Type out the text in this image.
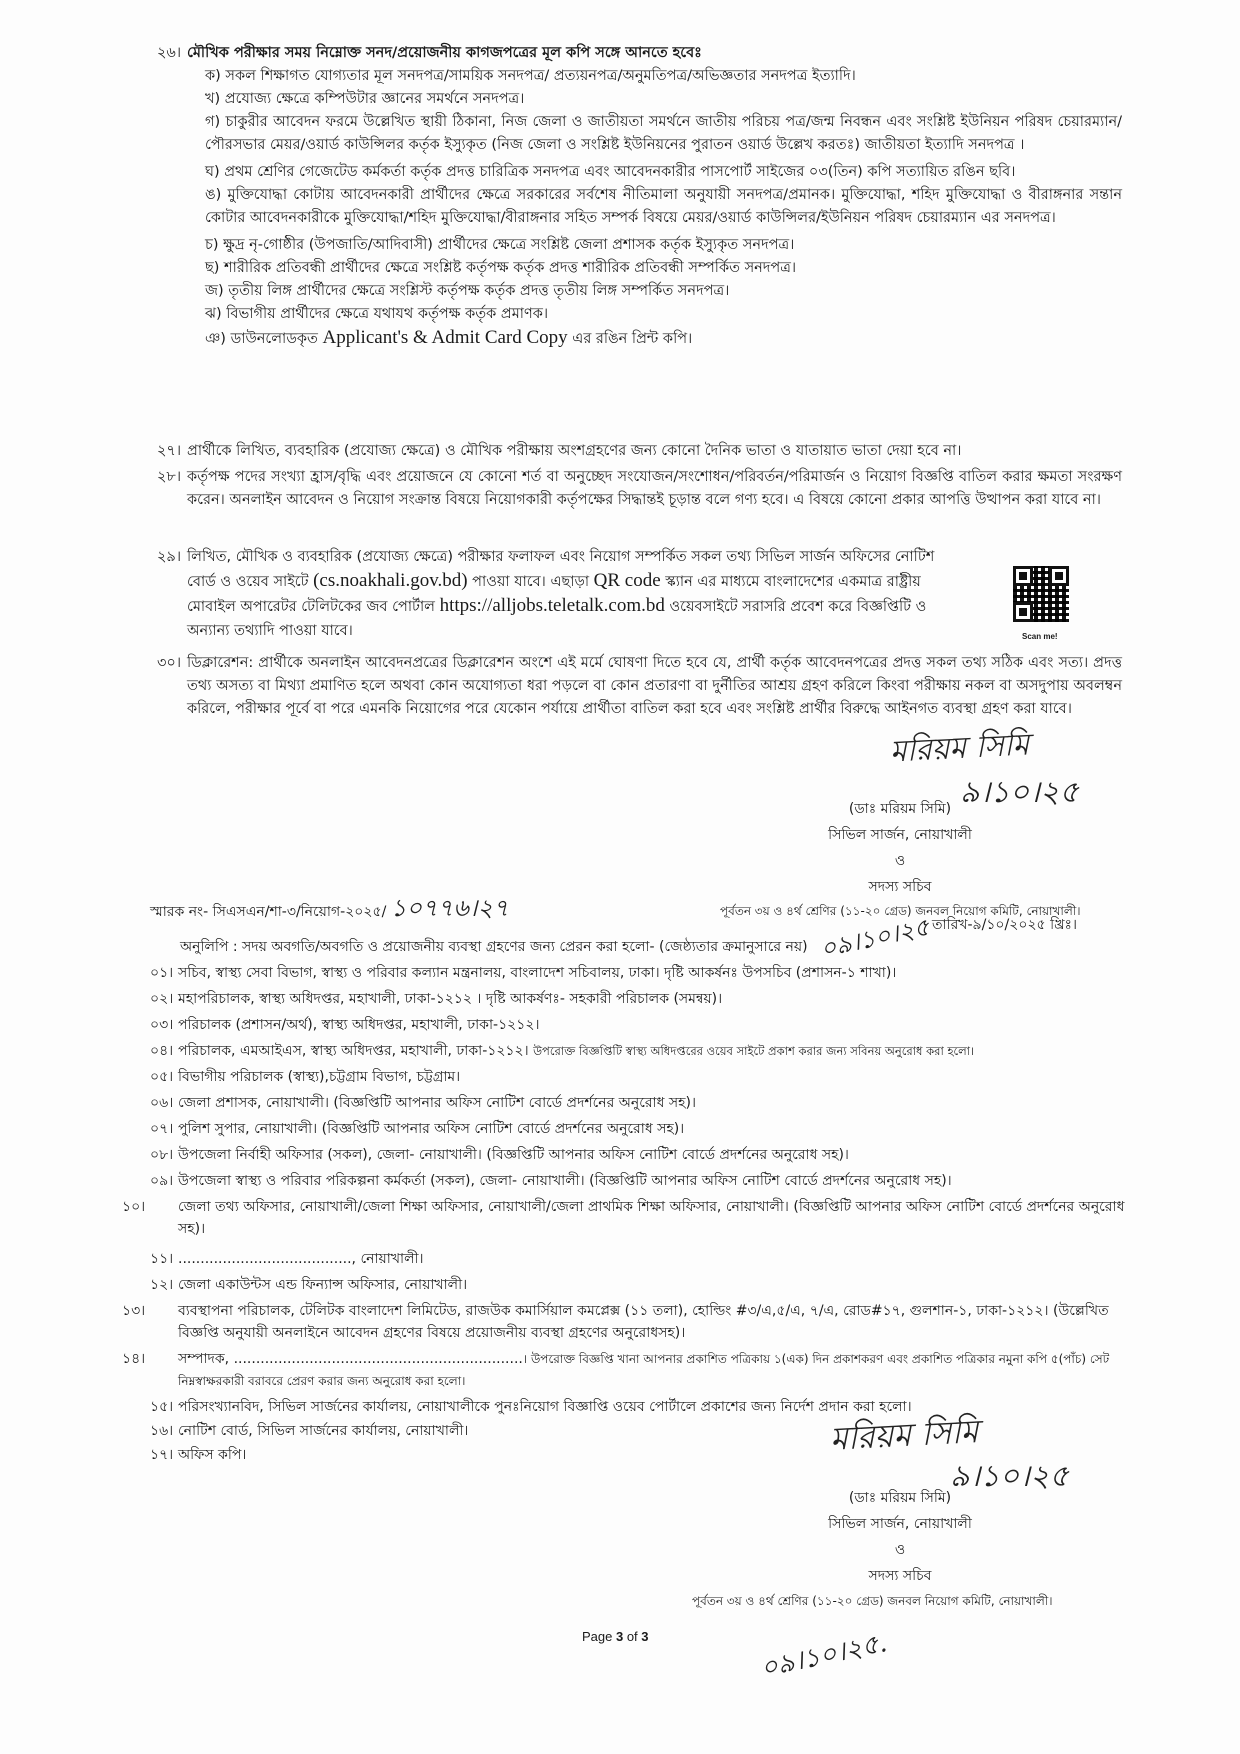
২৬। মৌখিক পরীক্ষার সময় নিম্নোক্ত সনদ/প্রয়োজনীয় কাগজপত্রের মূল কপি সঙ্গে আনতে হবেঃ

ক) সকল শিক্ষাগত যোগ্যতার মূল সনদপত্র/সাময়িক সনদপত্র/ প্রত্যয়নপত্র/অনুমতিপত্র/অভিজ্ঞতার সনদপত্র ইত্যাদি।

খ) প্রযোজ্য ক্ষেত্রে কম্পিউটার জ্ঞানের সমর্থনে সনদপত্র।

গ) চাকুরীর আবেদন ফরমে উল্লেখিত স্থায়ী ঠিকানা, নিজ জেলা ও জাতীয়তা সমর্থনে জাতীয় পরিচয় পত্র/জন্ম নিবন্ধন এবং সংশ্লিষ্ট ইউনিয়ন পরিষদ চেয়ারম্যান/পৌরসভার মেয়র/ওয়ার্ড কাউন্সিলর কর্তৃক ইস্যুকৃত (নিজ জেলা ও সংশ্লিষ্ট ইউনিয়নের পুরাতন ওয়ার্ড উল্লেখ করতঃ) জাতীয়তা ইত্যাদি সনদপত্র ।

ঘ) প্রথম শ্রেণির গেজেটেড কর্মকর্তা কর্তৃক প্রদত্ত চারিত্রিক সনদপত্র এবং আবেদনকারীর পাসপোর্ট সাইজের ০৩(তিন) কপি সত্যায়িত রঙিন ছবি।

ঙ) মুক্তিযোদ্ধা কোটায় আবেদনকারী প্রার্থীদের ক্ষেত্রে সরকারের সর্বশেষ নীতিমালা অনুযায়ী সনদপত্র/প্রমানক। মুক্তিযোদ্ধা, শহিদ মুক্তিযোদ্ধা ও বীরাঙ্গনার সন্তান কোটার আবেদনকারীকে মুক্তিযোদ্ধা/শহিদ মুক্তিযোদ্ধা/বীরাঙ্গনার সহিত সম্পর্ক বিষয়ে মেয়র/ওয়ার্ড কাউন্সিলর/ইউনিয়ন পরিষদ চেয়ারম্যান এর সনদপত্র।

চ) ক্ষুদ্র নৃ-গোষ্ঠীর (উপজাতি/আদিবাসী) প্রার্থীদের ক্ষেত্রে সংশ্লিষ্ট জেলা প্রশাসক কর্তৃক ইস্যুকৃত সনদপত্র।

ছ) শারীরিক প্রতিবন্ধী প্রার্থীদের ক্ষেত্রে সংশ্লিষ্ট কর্তৃপক্ষ কর্তৃক প্রদত্ত শারীরিক প্রতিবন্ধী সম্পর্কিত সনদপত্র।

জ) তৃতীয় লিঙ্গ প্রার্থীদের ক্ষেত্রে সংশ্লিস্ট কর্তৃপক্ষ কর্তৃক প্রদত্ত তৃতীয় লিঙ্গ সম্পর্কিত সনদপত্র।

ঝ) বিভাগীয় প্রার্থীদের ক্ষেত্রে যথাযথ কর্তৃপক্ষ কর্তৃক প্রমাণক।

ঞ) ডাউনলোডকৃত Applicant's & Admit Card Copy এর রঙিন প্রিন্ট কপি।

২৭। প্রার্থীকে লিখিত, ব্যবহারিক (প্রযোজ্য ক্ষেত্রে) ও মৌখিক পরীক্ষায় অংশগ্রহণের জন্য কোনো দৈনিক ভাতা ও যাতায়াত ভাতা দেয়া হবে না।

২৮। কর্তৃপক্ষ পদের সংখ্যা হ্রাস/বৃদ্ধি এবং প্রয়োজনে যে কোনো শর্ত বা অনুচ্ছেদ সংযোজন/সংশোধন/পরিবর্তন/পরিমার্জন ও নিয়োগ বিজ্ঞপ্তি বাতিল করার ক্ষমতা সংরক্ষণ করেন। অনলাইন আবেদন ও নিয়োগ সংক্রান্ত বিষয়ে নিয়োগকারী কর্তৃপক্ষের সিদ্ধান্তই চূড়ান্ত বলে গণ্য হবে। এ বিষয়ে কোনো প্রকার আপত্তি উত্থাপন করা যাবে না।

২৯। লিখিত, মৌখিক ও ব্যবহারিক (প্রযোজ্য ক্ষেত্রে) পরীক্ষার ফলাফল এবং নিয়োগ সম্পর্কিত সকল তথ্য সিভিল সার্জন অফিসের নোটিশ বোর্ড ও ওয়েব সাইটে (cs.noakhali.gov.bd) পাওয়া যাবে। এছাড়া QR code স্ক্যান এর মাধ্যমে বাংলাদেশের একমাত্র রাষ্ট্রীয় মোবাইল অপারেটর টেলিটকের জব পোর্টাল https://alljobs.teletalk.com.bd ওয়েবসাইটে সরাসরি প্রবেশ করে বিজ্ঞপ্তিটি ও অন্যান্য তথ্যাদি পাওয়া যাবে।	Scan me!
৩০। ডিক্লারেশন: প্রার্থীকে অনলাইন আবেদনপ্রত্রের ডিক্লারেশন অংশে এই মর্মে ঘোষণা দিতে হবে যে, প্রার্থী কর্তৃক আবেদনপত্রের প্রদত্ত সকল তথ্য সঠিক এবং সত্য। প্রদত্ত তথ্য অসত্য বা মিথ্যা প্রমাণিত হলে অথবা কোন অযোগ্যতা ধরা পড়লে বা কোন প্রতারণা বা দুর্নীতির আশ্রয় গ্রহণ করিলে কিংবা পরীক্ষায় নকল বা অসদুপায় অবলম্বন করিলে, পরীক্ষার পূর্বে বা পরে এমনকি নিয়োগের পরে যেকোন পর্যায়ে প্রার্থীতা বাতিল করা হবে এবং সংশ্লিষ্ট প্রার্থীর বিরুদ্ধে আইনগত ব্যবস্থা গ্রহণ করা যাবে।

মরিয়ম সিমি
৯।১০।২৫
(ডাঃ মরিয়ম সিমি)
সিভিল সার্জন, নোয়াখালী
ও
সদস্য সচিব
পূর্বতন ৩য় ও ৪র্থ শ্রেণির (১১-২০ গ্রেড) জনবল নিয়োগ কমিটি, নোয়াখালী।
০৯।১০।২৫
স্মারক নং- সিএসএন/শা-৩/নিয়োগ-২০২৫/ ১০৭৭৬।২৭
তারিখ-৯/১০/২০২৫ খ্রিঃ।
অনুলিপি : সদয় অবগতি/অবগতি ও প্রয়োজনীয় ব্যবস্থা গ্রহণের জন্য প্রেরন করা হলো- (জেষ্ঠ্যতার ক্রমানুসারে নয়)
০১। সচিব, স্বাস্থ্য সেবা বিভাগ, স্বাস্থ্য ও পরিবার কল্যান মন্ত্রনালয়, বাংলাদেশ সচিবালয়, ঢাকা। দৃষ্টি আকর্ষনঃ উপসচিব (প্রশাসন-১ শাখা)।
০২। মহাপরিচালক, স্বাস্থ্য অধিদপ্তর, মহাখালী, ঢাকা-১২১২ । দৃষ্টি আকর্ষণঃ- সহকারী পরিচালক (সমন্বয়)।
০৩। পরিচালক (প্রশাসন/অর্থ), স্বাস্থ্য অধিদপ্তর, মহাখালী, ঢাকা-১২১২।
০৪। পরিচালক, এমআইএস, স্বাস্থ্য অধিদপ্তর, মহাখালী, ঢাকা-১২১২। উপরোক্ত বিজ্ঞপ্তিটি স্বাস্থ্য অধিদপ্তরের ওয়েব সাইটে প্রকাশ করার জন্য সবিনয় অনুরোধ করা হলো।
০৫। বিভাগীয় পরিচালক (স্বাস্থ্য),চট্টগ্রাম বিভাগ, চট্টগ্রাম।
০৬। জেলা প্রশাসক, নোয়াখালী। (বিজ্ঞপ্তিটি আপনার অফিস নোটিশ বোর্ডে প্রদর্শনের অনুরোধ সহ)।
০৭। পুলিশ সুপার, নোয়াখালী। (বিজ্ঞপ্তিটি আপনার অফিস নোটিশ বোর্ডে প্রদর্শনের অনুরোধ সহ)।
০৮। উপজেলা নির্বাহী অফিসার (সকল), জেলা- নোয়াখালী। (বিজ্ঞপ্তিটি আপনার অফিস নোটিশ বোর্ডে প্রদর্শনের অনুরোধ সহ)।
০৯। উপজেলা স্বাস্থ্য ও পরিবার পরিকল্পনা কর্মকর্তা (সকল), জেলা- নোয়াখালী। (বিজ্ঞপ্তিটি আপনার অফিস নোটিশ বোর্ডে প্রদর্শনের অনুরোধ সহ)।
১০। জেলা তথ্য অফিসার, নোয়াখালী/জেলা শিক্ষা অফিসার, নোয়াখালী/জেলা প্রাথমিক শিক্ষা অফিসার, নোয়াখালী। (বিজ্ঞপ্তিটি আপনার অফিস নোটিশ বোর্ডে প্রদর্শনের অনুরোধ সহ)।
১১। ......................................., নোয়াখালী।
১২। জেলা একাউন্টস এন্ড ফিন্যান্স অফিসার, নোয়াখালী।
১৩। ব্যবস্থাপনা পরিচালক, টেলিটক বাংলাদেশ লিমিটেড, রাজউক কমার্সিয়াল কমপ্লেক্স (১১ তলা), হোল্ডিং #৩/এ,৫/এ, ৭/এ, রোড#১৭, গুলশান-১, ঢাকা-১২১২। (উল্লেখিত বিজ্ঞপ্তি অনুযায়ী অনলাইনে আবেদন গ্রহণের বিষয়ে প্রয়োজনীয় ব্যবস্থা গ্রহণের অনুরোধসহ)।
১৪। সম্পাদক, .................................................................। উপরোক্ত বিজ্ঞপ্তি খানা আপনার প্রকাশিত পত্রিকায় ১(এক) দিন প্রকাশকরণ এবং প্রকাশিত পত্রিকার নমুনা কপি ৫(পাঁচ) সেট নিম্নস্বাক্ষরকারী বরাবরে প্রেরণ করার জন্য অনুরোধ করা হলো।
১৫। পরিসংখ্যানবিদ, সিভিল সার্জনের কার্যালয়, নোয়াখালীকে পুনঃনিয়োগ বিজ্ঞাপ্তি ওয়েব পোর্টালে প্রকাশের জন্য নির্দেশ প্রদান করা হলো।
১৬। নোটিশ বোর্ড, সিভিল সার্জনের কার্যালয়, নোয়াখালী।
১৭। অফিস কপি।	মরিয়ম সিমি
৯।১০।২৫
(ডাঃ মরিয়ম সিমি)
সিভিল সার্জন, নোয়াখালী
ও
সদস্য সচিব
পূর্বতন ৩য় ও ৪র্থ শ্রেণির (১১-২০ গ্রেড) জনবল নিয়োগ কমিটি, নোয়াখালী।
০৯।১০।২৫.
Page 3 of 3
